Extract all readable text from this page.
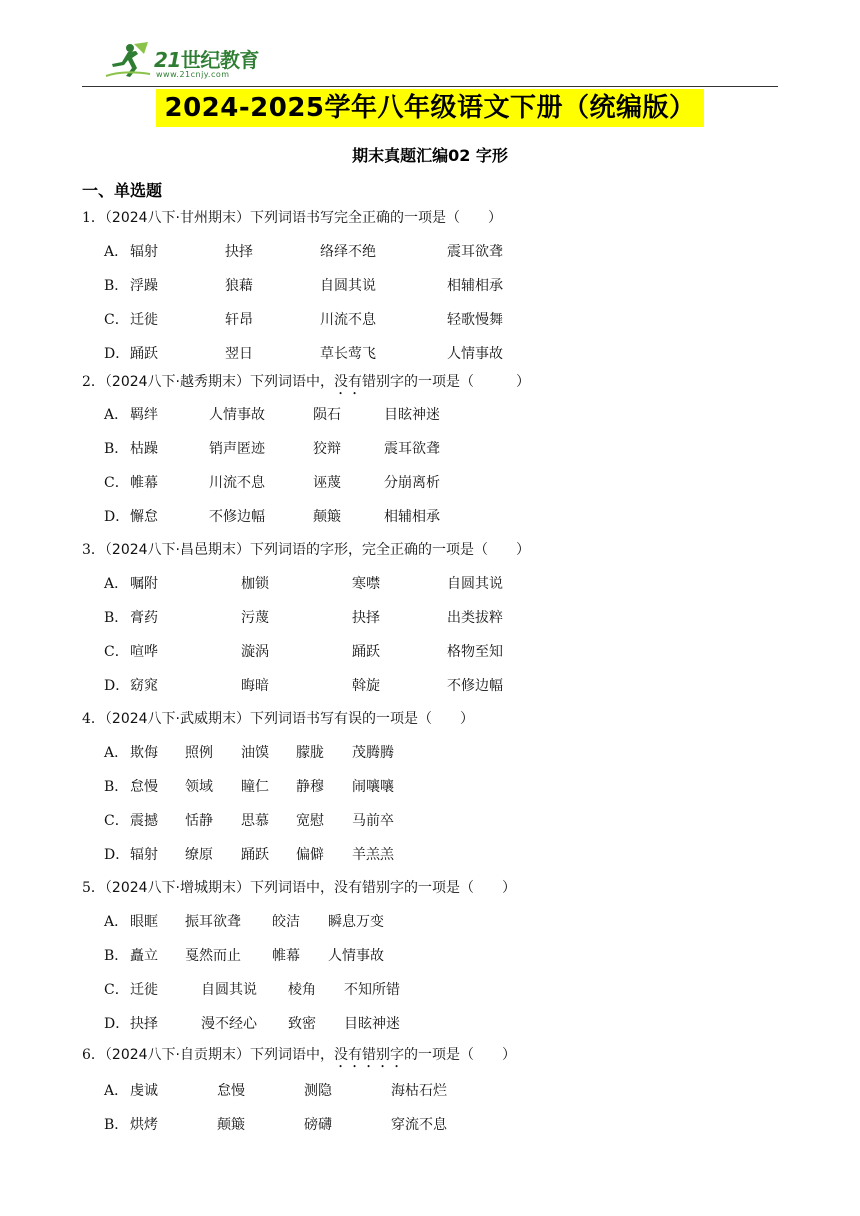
21世纪教育
www.21cnjy.com
2024-2025学年八年级语文下册（统编版）
期末真题汇编02 字形
一、单选题
1．（2024八下·甘州期末）下列词语书写完全正确的一项是（　　）
A． 辐射	抉择	络绎不绝	震耳欲聋
B． 浮躁	狼藉	自圆其说	相辅相承
C． 迁徙	轩昂	川流不息	轻歌慢舞
D． 踊跃	翌日	草长莺飞	人情事故
2．（2024八下·越秀期末）下列词语中，没有错别字的一项是（　　　）
A． 羁绊	人情事故	陨石	目眩神迷
B． 枯躁	销声匿迹	狡辩	震耳欲聋
C． 帷幕	川流不息	诬蔑	分崩离析
D． 懈怠	不修边幅	颠簸	相辅相承
3．（2024八下·昌邑期末）下列词语的字形，完全正确的一项是（　　）
A． 嘱附	枷锁	寒噤	自圆其说
B． 膏药	污蔑	抉择	出类拔粹
C． 喧哗	漩涡	踊跃	格物至知
D． 窈窕	晦暗	斡旋	不修边幅
4．（2024八下·武威期末）下列词语书写有误的一项是（　　）
A． 欺侮 照例 油馍 朦胧 茂腾腾
B． 怠慢 领域 瞳仁 静穆 闹嚷嚷
C． 震撼 恬静 思慕 宽慰 马前卒
D． 辐射 缭原 踊跃 偏僻 羊羔羔
5．（2024八下·增城期末）下列词语中，没有错别字的一项是（　　）
A． 眼眶 振耳欲聋 皎洁 瞬息万变
B． 矗立 戛然而止 帷幕 人情事故
C． 迁徙	自圆其说 棱角 不知所错
D． 抉择	漫不经心 致密 目眩神迷
6．（2024八下·自贡期末）下列词语中，没有错别字的一项是（　　）
A． 虔诚	怠慢	测隐	海枯石烂
B． 烘烤	颠簸	磅礴	穿流不息
